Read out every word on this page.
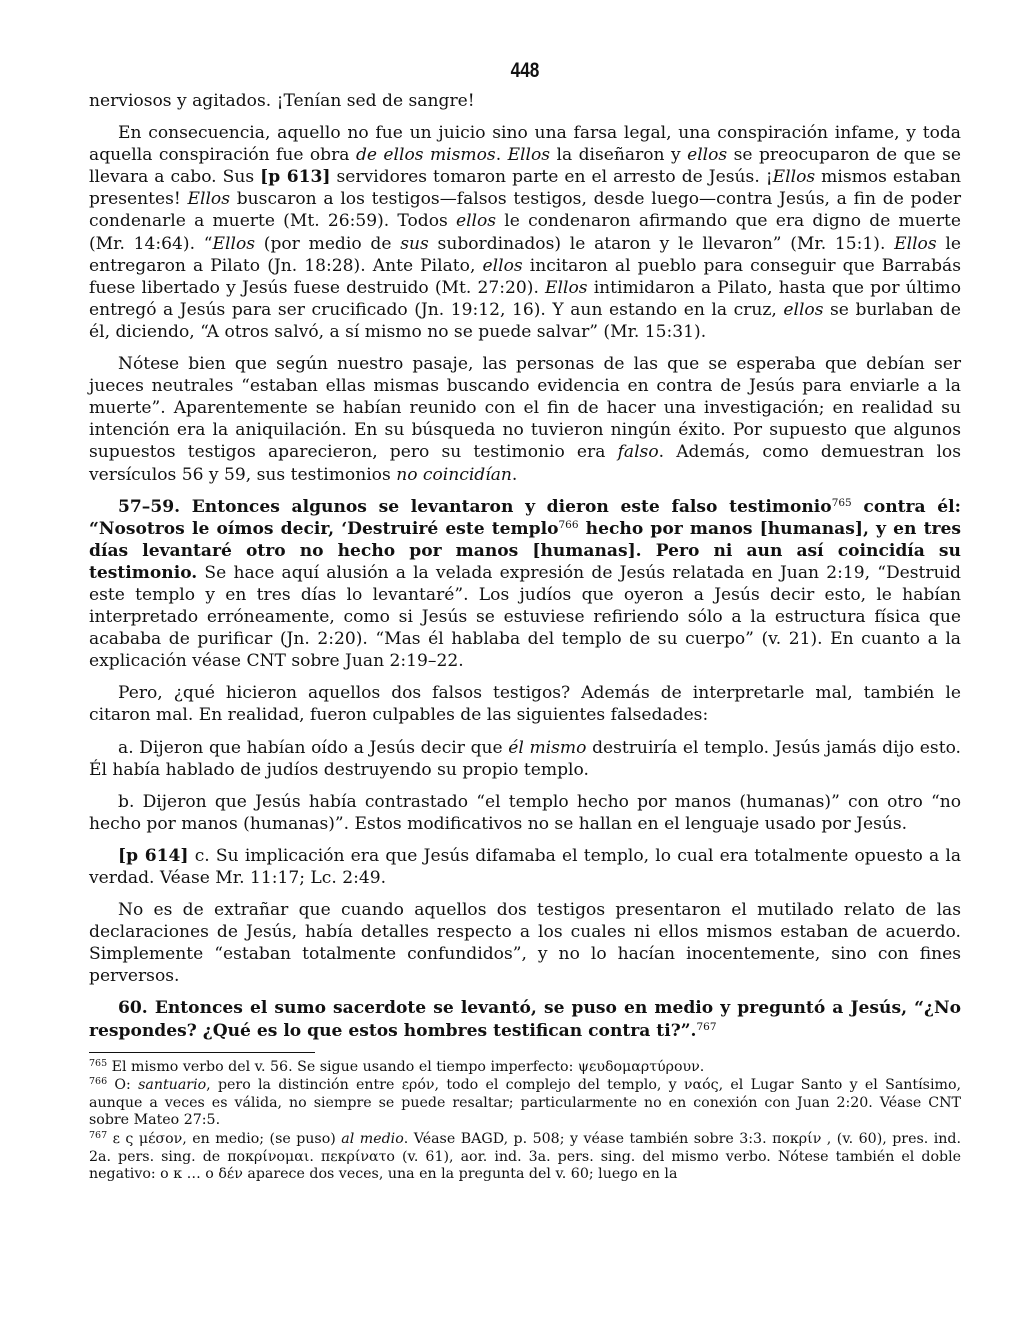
448

nerviosos y agitados. ¡Tenían sed de sangre!

En consecuencia, aquello no fue un juicio sino una farsa legal, una conspiración infame, y toda aquella conspiración fue obra de ellos mismos. Ellos la diseñaron y ellos se preocuparon de que se llevara a cabo. Sus [p 613] servidores tomaron parte en el arresto de Jesús. ¡Ellos mismos estaban presentes! Ellos buscaron a los testigos—falsos testigos, desde luego—contra Jesús, a fin de poder condenarle a muerte (Mt. 26:59). Todos ellos le condenaron afirmando que era digno de muerte (Mr. 14:64). “Ellos (por medio de sus subordinados) le ataron y le llevaron” (Mr. 15:1). Ellos le entregaron a Pilato (Jn. 18:28). Ante Pilato, ellos incitaron al pueblo para conseguir que Barrabás fuese libertado y Jesús fuese destruido (Mt. 27:20). Ellos intimidaron a Pilato, hasta que por último entregó a Jesús para ser crucificado (Jn. 19:12, 16). Y aun estando en la cruz, ellos se burlaban de él, diciendo, “A otros salvó, a sí mismo no se puede salvar” (Mr. 15:31).

Nótese bien que según nuestro pasaje, las personas de las que se esperaba que debían ser jueces neutrales “estaban ellas mismas buscando evidencia en contra de Jesús para enviarle a la muerte”. Aparentemente se habían reunido con el fin de hacer una investigación; en realidad su intención era la aniquilación. En su búsqueda no tuvieron ningún éxito. Por supuesto que algunos supuestos testigos aparecieron, pero su testimonio era falso. Además, como demuestran los versículos 56 y 59, sus testimonios no coincidían.

57–59. Entonces algunos se levantaron y dieron este falso testimonio$^{765}$ contra él: “Nosotros le oímos decir, ‘Destruiré este templo$^{766}$ hecho por manos [humanas], y en tres días levantaré otro no hecho por manos [humanas]. Pero ni aun así coincidía su testimonio. Se hace aquí alusión a la velada expresión de Jesús relatada en Juan 2:19, “Destruid este templo y en tres días lo levantaré”. Los judíos que oyeron a Jesús decir esto, le habían interpretado erróneamente, como si Jesús se estuviese refiriendo sólo a la estructura física que acababa de purificar (Jn. 2:20). “Mas él hablaba del templo de su cuerpo” (v. 21). En cuanto a la explicación véase CNT sobre Juan 2:19–22.

Pero, ¿qué hicieron aquellos dos falsos testigos? Además de interpretarle mal, también le citaron mal. En realidad, fueron culpables de las siguientes falsedades:

a. Dijeron que habían oído a Jesús decir que él mismo destruiría el templo. Jesús jamás dijo esto. Él había hablado de judíos destruyendo su propio templo.

b. Dijeron que Jesús había contrastado “el templo hecho por manos (humanas)” con otro “no hecho por manos (humanas)”. Estos modificativos no se hallan en el lenguaje usado por Jesús.

[p 614] c. Su implicación era que Jesús difamaba el templo, lo cual era totalmente opuesto a la verdad. Véase Mr. 11:17; Lc. 2:49.

No es de extrañar que cuando aquellos dos testigos presentaron el mutilado relato de las declaraciones de Jesús, había detalles respecto a los cuales ni ellos mismos estaban de acuerdo. Simplemente “estaban totalmente confundidos”, y no lo hacían inocentemente, sino con fines perversos.

60. Entonces el sumo sacerdote se levantó, se puso en medio y preguntó a Jesús, “¿No respondes? ¿Qué es lo que estos hombres testifican contra ti?”.$^{767}$

$^{765}$ El mismo verbo del v. 56. Se sigue usando el tiempo imperfecto: ψευδομαρτύρουν.

$^{766}$ O: santuario, pero la distinción entre ερόν, todo el complejo del templo, y ναός, el Lugar Santo y el Santísimo, aunque a veces es válida, no siempre se puede resaltar; particularmente no en conexión con Juan 2:20. Véase CNT sobre Mateo 27:5.

$^{767}$ ε ς μέσον, en medio; (se puso) al medio. Véase BAGD, p. 508; y véase también sobre 3:3. ποκρίν , (v. 60), pres. ind. 2a. pers. sing. de ποκρίνομαι. πεκρίνατο (v. 61), aor. ind. 3a. pers. sing. del mismo verbo. Nótese también el doble negativo: ο κ … ο δέν aparece dos veces, una en la pregunta del v. 60; luego en la
